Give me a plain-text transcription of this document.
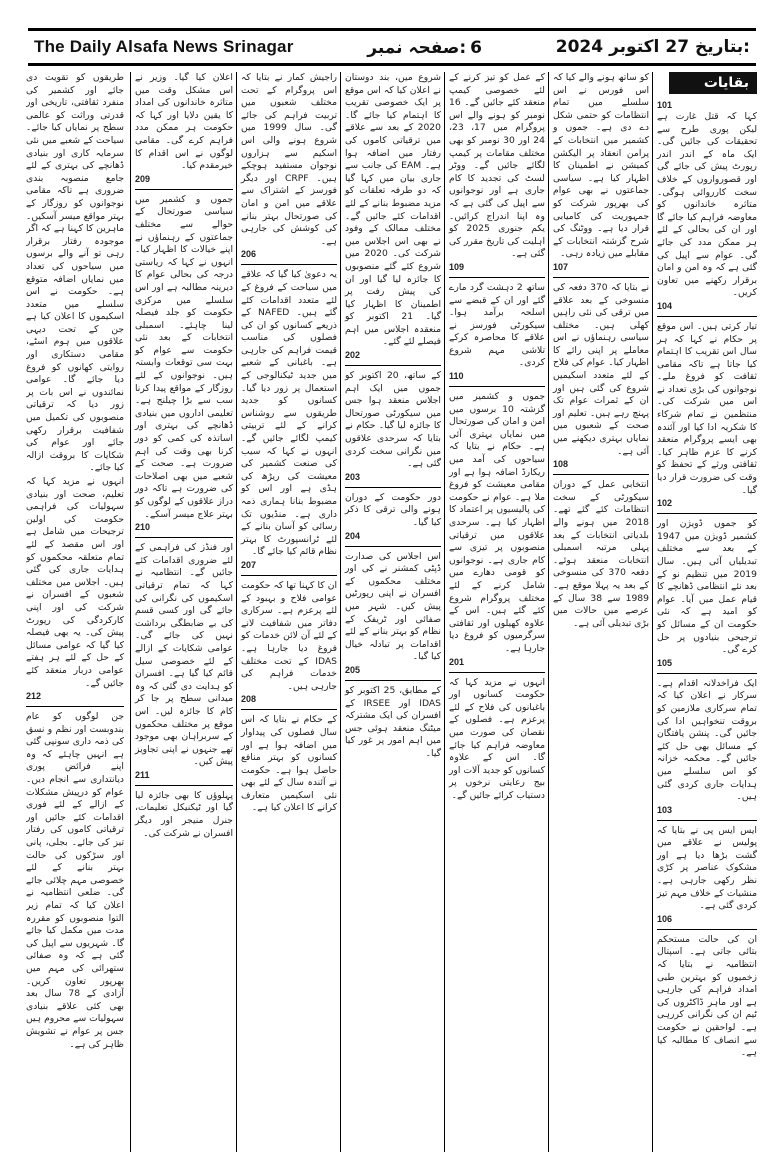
The Daily Alsafa News Srinagar	صفحہ نمبر: 6	2024 اکتوبر 27 بتاریخ:

طریقوں کو تقویت دی جائے اور کشمیر کی منفرد ثقافتی، تاریخی اور قدرتی وراثت کو عالمی سطح پر نمایاں کیا جائے۔ سیاحت کے شعبے میں نئی سرمایہ کاری اور بنیادی ڈھانچے کی بہتری کے لئے جامع منصوبہ بندی ضروری ہے تاکہ مقامی نوجوانوں کو روزگار کے بہتر مواقع میسر آسکیں۔ ماہرین کا کہنا ہے کہ اگر موجودہ رفتار برقرار رہی تو آنے والے برسوں میں سیاحوں کی تعداد میں نمایاں اضافہ متوقع ہے۔ حکومت نے اس سلسلے میں متعدد اسکیموں کا اعلان کیا ہے جن کے تحت دیہی علاقوں میں ہوم اسٹے، مقامی دستکاری اور روایتی کھانوں کو فروغ دیا جائے گا۔ عوامی نمائندوں نے اس بات پر زور دیا کہ ترقیاتی منصوبوں کی تکمیل میں شفافیت برقرار رکھی جائے اور عوام کی شکایات کا بروقت ازالہ کیا جائے۔

انہوں نے مزید کہا کہ تعلیم، صحت اور بنیادی سہولیات کی فراہمی حکومت کی اولین ترجیحات میں شامل ہے اور اس مقصد کے لئے تمام متعلقہ محکموں کو ہدایات جاری کی گئی ہیں۔ اجلاس میں مختلف شعبوں کے افسران نے شرکت کی اور اپنی کارکردگی کی رپورٹ پیش کی۔ یہ بھی فیصلہ کیا گیا کہ عوامی مسائل کے حل کے لئے ہر ہفتے عوامی دربار منعقد کئے جائیں گے۔

212

جن لوگوں کو عام بندوبست اور نظم و نسق کی ذمہ داری سونپی گئی ہے انہیں چاہئے کہ وہ اپنے فرائض پوری دیانتداری سے انجام دیں۔ عوام کو درپیش مشکلات کے ازالے کے لئے فوری اقدامات کئے جائیں اور ترقیاتی کاموں کی رفتار تیز کی جائے۔ بجلی، پانی اور سڑکوں کی حالت بہتر بنانے کے لئے خصوصی مہم چلائی جائے گی۔ ضلعی انتظامیہ نے اعلان کیا کہ تمام زیر التوا منصوبوں کو مقررہ مدت میں مکمل کیا جائے گا۔ شہریوں سے اپیل کی گئی ہے کہ وہ صفائی ستھرائی کی مہم میں بھرپور تعاون کریں۔ آزادی کے 78 سال بعد بھی کئی علاقے بنیادی سہولیات سے محروم ہیں جس پر عوام نے تشویش ظاہر کی ہے۔

اعلان کیا گیا۔ وزیر نے اس مشکل وقت میں متاثرہ خاندانوں کی امداد کا یقین دلایا اور کہا کہ حکومت ہر ممکن مدد فراہم کرے گی۔ مقامی لوگوں نے اس اقدام کا خیرمقدم کیا۔

209

جموں و کشمیر میں سیاسی صورتحال کے حوالے سے مختلف جماعتوں کے رہنماؤں نے اپنے خیالات کا اظہار کیا۔ انہوں نے کہا کہ ریاستی درجہ کی بحالی عوام کا دیرینہ مطالبہ ہے اور اس سلسلے میں مرکزی حکومت کو جلد فیصلہ لینا چاہئے۔ اسمبلی انتخابات کے بعد نئی حکومت سے عوام کو بہت سی توقعات وابستہ ہیں۔ نوجوانوں کے لئے روزگار کے مواقع پیدا کرنا سب سے بڑا چیلنج ہے۔ تعلیمی اداروں میں بنیادی ڈھانچے کی بہتری اور اساتذہ کی کمی کو دور کرنا بھی وقت کی اہم ضرورت ہے۔ صحت کے شعبے میں بھی اصلاحات کی ضرورت ہے تاکہ دور دراز علاقوں کے لوگوں کو بہتر علاج میسر آسکے۔

210

اور فنڈز کی فراہمی کے لئے ضروری اقدامات کئے جائیں گے۔ انتظامیہ نے کہا کہ تمام ترقیاتی اسکیموں کی نگرانی کی جائے گی اور کسی قسم کی بے ضابطگی برداشت نہیں کی جائے گی۔ عوامی شکایات کے ازالے کے لئے خصوصی سیل قائم کیا گیا ہے۔ افسران کو ہدایت دی گئی کہ وہ میدانی سطح پر جا کر کام کا جائزہ لیں۔ اس موقع پر مختلف محکموں کے سربراہان بھی موجود تھے جنہوں نے اپنی تجاویز پیش کیں۔

211

پہلوؤں کا بھی جائزہ لیا گیا اور ٹیکنیکل تعلیمات، جنرل منیجر اور دیگر افسران نے شرکت کی۔

راجیش کمار نے بتایا کہ اس پروگرام کے تحت مختلف شعبوں میں تربیت فراہم کی جائے گی۔ سال 1999 میں شروع ہونے والی اس اسکیم سے ہزاروں نوجوان مستفید ہوچکے ہیں۔ CRPF اور دیگر فورسز کے اشتراک سے علاقے میں امن و امان کی صورتحال بہتر بنانے کی کوشش کی جارہی ہے۔

206

یہ دعویٰ کیا گیا کہ علاقے میں سیاحت کے فروغ کے لئے متعدد اقدامات کئے گئے ہیں۔ NAFED کے ذریعے کسانوں کو ان کی فصلوں کی مناسب قیمت فراہم کی جارہی ہے۔ باغبانی کے شعبے میں جدید ٹیکنالوجی کے استعمال پر زور دیا گیا۔ کسانوں کو جدید طریقوں سے روشناس کرانے کے لئے تربیتی کیمپ لگائے جائیں گے۔ انہوں نے کہا کہ سیب کی صنعت کشمیر کی معیشت کی ریڑھ کی ہڈی ہے اور اس کو مضبوط بنانا ہماری ذمہ داری ہے۔ منڈیوں تک رسائی کو آسان بنانے کے لئے ٹرانسپورٹ کا بہتر نظام قائم کیا جائے گا۔

207

ان کا کہنا تھا کہ حکومت عوامی فلاح و بہبود کے لئے پرعزم ہے۔ سرکاری دفاتر میں شفافیت لانے کے لئے آن لائن خدمات کو فروغ دیا جارہا ہے۔ IDAS کے تحت مختلف خدمات فراہم کی جارہی ہیں۔

208

کے حکام نے بتایا کہ اس سال فصلوں کی پیداوار میں اضافہ ہوا ہے اور کسانوں کو بہتر منافع حاصل ہوا ہے۔ حکومت نے آئندہ سال کے لئے بھی نئی اسکیمیں متعارف کرانے کا اعلان کیا ہے۔

شروع میں، بند دوستان نے اعلان کیا کہ اس موقع پر ایک خصوصی تقریب کا اہتمام کیا جائے گا۔ 2020 کے بعد سے علاقے میں ترقیاتی کاموں کی رفتار میں اضافہ ہوا ہے۔ EAM کی جانب سے جاری بیان میں کہا گیا کہ دو طرفہ تعلقات کو مزید مضبوط بنانے کے لئے اقدامات کئے جائیں گے۔ مختلف ممالک کے وفود نے بھی اس اجلاس میں شرکت کی۔ 2020 میں شروع کئے گئے منصوبوں کا جائزہ لیا گیا اور ان کی پیش رفت پر اطمینان کا اظہار کیا گیا۔ 21 اکتوبر کو منعقدہ اجلاس میں اہم فیصلے لئے گئے۔

202

کے ساتھ، 20 اکتوبر کو جموں میں ایک اہم اجلاس منعقد ہوا جس میں سیکورٹی صورتحال کا جائزہ لیا گیا۔ حکام نے بتایا کہ سرحدی علاقوں میں نگرانی سخت کردی گئی ہے۔

203

دور حکومت کے دوران ہونے والی ترقی کا ذکر کیا گیا۔

204

اس اجلاس کی صدارت ڈپٹی کمشنر نے کی اور مختلف محکموں کے افسران نے اپنی رپورٹیں پیش کیں۔ شہر میں صفائی اور ٹریفک کے نظام کو بہتر بنانے کے لئے اقدامات پر تبادلہ خیال کیا گیا۔

205

کے مطابق، 25 اکتوبر کو IDAS اور IRSEE کے افسران کی ایک مشترکہ میٹنگ منعقد ہوئی جس میں اہم امور پر غور کیا گیا۔

کے عمل کو تیز کرنے کے لئے خصوصی کیمپ منعقد کئے جائیں گے۔ 16 نومبر کو ہونے والے اس پروگرام میں 17، 23، 24 اور 30 نومبر کو بھی مختلف مقامات پر کیمپ لگائے جائیں گے۔ ووٹر لسٹ کی تجدید کا کام جاری ہے اور نوجوانوں سے اپیل کی گئی ہے کہ وہ اپنا اندراج کرائیں۔ یکم جنوری 2025 کو اہلیت کی تاریخ مقرر کی گئی ہے۔

109

ساتھ 2 دہشت گرد مارے گئے اور ان کے قبضے سے اسلحہ برآمد ہوا۔ سیکورٹی فورسز نے علاقے کا محاصرہ کرکے تلاشی مہم شروع کردی۔

110

جموں و کشمیر میں گزشتہ 10 برسوں میں امن و امان کی صورتحال میں نمایاں بہتری آئی ہے۔ حکام نے بتایا کہ سیاحوں کی آمد میں ریکارڈ اضافہ ہوا ہے اور مقامی معیشت کو فروغ ملا ہے۔ عوام نے حکومت کی پالیسیوں پر اعتماد کا اظہار کیا ہے۔ سرحدی علاقوں میں ترقیاتی منصوبوں پر تیزی سے کام جاری ہے۔ نوجوانوں کو قومی دھارے میں شامل کرنے کے لئے مختلف پروگرام شروع کئے گئے ہیں۔ اس کے علاوہ کھیلوں اور ثقافتی سرگرمیوں کو فروغ دیا جارہا ہے۔

201

انہوں نے مزید کہا کہ حکومت کسانوں اور باغبانوں کی فلاح کے لئے پرعزم ہے۔ فصلوں کے نقصان کی صورت میں معاوضہ فراہم کیا جائے گا۔ اس کے علاوہ کسانوں کو جدید آلات اور بیج رعایتی نرخوں پر دستیاب کرائے جائیں گے۔

کو ساتھ ہونے والے کیا کہ اس فورس نے اس سلسلے میں تمام انتظامات کو حتمی شکل دے دی ہے۔ جموں و کشمیر میں انتخابات کے پرامن انعقاد پر الیکشن کمیشن نے اطمینان کا اظہار کیا ہے۔ سیاسی جماعتوں نے بھی عوام کی بھرپور شرکت کو جمہوریت کی کامیابی قرار دیا ہے۔ ووٹنگ کی شرح گزشتہ انتخابات کے مقابلے میں زیادہ رہی۔

107

نے بتایا کہ 370 دفعہ کی منسوخی کے بعد علاقے میں ترقی کی نئی راہیں کھلی ہیں۔ مختلف سیاسی رہنماؤں نے اس معاملے پر اپنی رائے کا اظہار کیا۔ عوام کی فلاح کے لئے متعدد اسکیمیں شروع کی گئی ہیں اور ان کے ثمرات عوام تک پہنچ رہے ہیں۔ تعلیم اور صحت کے شعبوں میں نمایاں بہتری دیکھنے میں آئی ہے۔

108

انتخابی عمل کے دوران سیکورٹی کے سخت انتظامات کئے گئے تھے۔ 2018 میں ہونے والے بلدیاتی انتخابات کے بعد پہلی مرتبہ اسمبلی انتخابات منعقد ہوئے۔ دفعہ 370 کی منسوخی کے بعد یہ پہلا موقع ہے۔ 1989 سے 38 سال کے عرصے میں حالات میں بڑی تبدیلی آئی ہے۔

بقایات
101

کہا کہ قتل غارت ہے لیکن پوری طرح سے تحقیقات کی جائیں گی۔ ایک ماہ کے اندر اندر رپورٹ پیش کی جائے گی اور قصورواروں کے خلاف سخت کارروائی ہوگی۔ متاثرہ خاندانوں کو معاوضہ فراہم کیا جائے گا اور ان کی بحالی کے لئے ہر ممکن مدد کی جائے گی۔ عوام سے اپیل کی گئی ہے کہ وہ امن و امان برقرار رکھنے میں تعاون کریں۔

104

تیار کرتی ہیں۔ اس موقع پر حکام نے کہا کہ ہر سال اس تقریب کا اہتمام کیا جاتا ہے تاکہ مقامی ثقافت کو فروغ ملے۔ نوجوانوں کی بڑی تعداد نے اس میں شرکت کی۔ منتظمین نے تمام شرکاء کا شکریہ ادا کیا اور آئندہ بھی ایسے پروگرام منعقد کرنے کا عزم ظاہر کیا۔ ثقافتی ورثے کے تحفظ کو وقت کی ضرورت قرار دیا گیا۔

102

کو جموں ڈویژن اور کشمیر ڈویژن میں 1947 کے بعد سے مختلف تبدیلیاں آئی ہیں۔ سال 2019 میں تنظیم نو کے بعد نئے انتظامی ڈھانچے کا قیام عمل میں آیا۔ عوام کو امید ہے کہ نئی حکومت ان کے مسائل کو ترجیحی بنیادوں پر حل کرے گی۔

105

ایک فراخدلانہ اقدام ہے۔ سرکار نے اعلان کیا کہ تمام سرکاری ملازمین کو بروقت تنخواہیں ادا کی جائیں گی۔ پنشن یافتگان کے مسائل بھی حل کئے جائیں گے۔ محکمہ خزانہ کو اس سلسلے میں ہدایات جاری کردی گئی ہیں۔

103

ایس ایس پی نے بتایا کہ پولیس نے علاقے میں گشت بڑھا دیا ہے اور مشکوک عناصر پر کڑی نظر رکھی جارہی ہے۔ منشیات کے خلاف مہم تیز کردی گئی ہے۔

106

ان کی حالت مستحکم بتائی جاتی ہے۔ اسپتال انتظامیہ نے بتایا کہ زخمیوں کو بہترین طبی امداد فراہم کی جارہی ہے اور ماہر ڈاکٹروں کی ٹیم ان کی نگرانی کررہی ہے۔ لواحقین نے حکومت سے انصاف کا مطالبہ کیا ہے۔
